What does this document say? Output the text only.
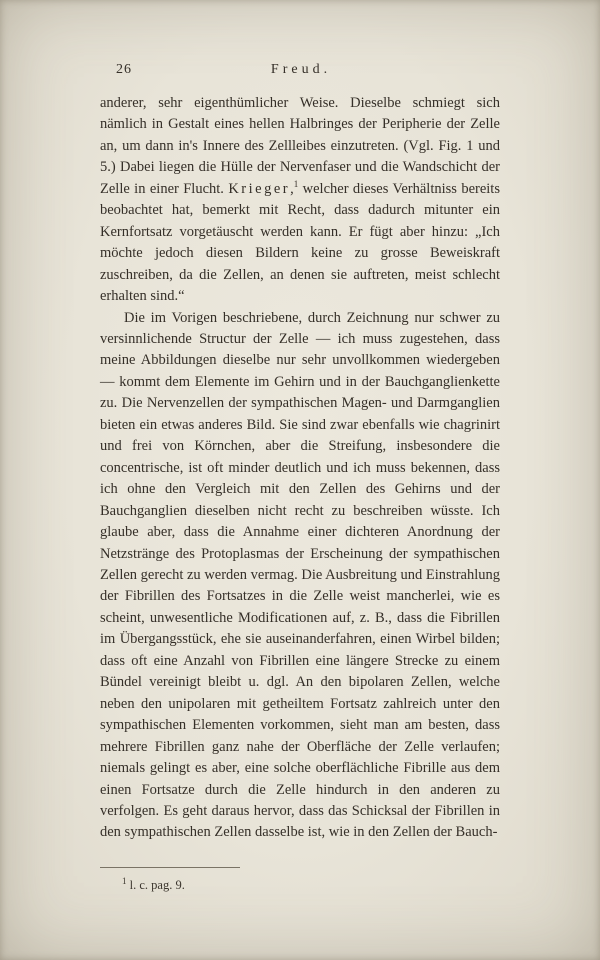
26	Freud.

anderer, sehr eigenthümlicher Weise. Dieselbe schmiegt sich nämlich in Gestalt eines hellen Halbringes der Peripherie der Zelle an, um dann in's Innere des Zellleibes einzutreten. (Vgl. Fig. 1 und 5.) Dabei liegen die Hülle der Nervenfaser und die Wandschicht der Zelle in einer Flucht. Krieger,$^1$ welcher dieses Verhältniss bereits beobachtet hat, bemerkt mit Recht, dass dadurch mitunter ein Kernfortsatz vorgetäuscht werden kann. Er fügt aber hinzu: „Ich möchte jedoch diesen Bildern keine zu grosse Beweiskraft zuschreiben, da die Zellen, an denen sie auftreten, meist schlecht erhalten sind.“

Die im Vorigen beschriebene, durch Zeichnung nur schwer zu versinnlichende Structur der Zelle — ich muss zugestehen, dass meine Abbildungen dieselbe nur sehr unvollkommen wiedergeben — kommt dem Elemente im Gehirn und in der Bauchganglienkette zu. Die Nervenzellen der sympathischen Magen- und Darmganglien bieten ein etwas anderes Bild. Sie sind zwar ebenfalls wie chagrinirt und frei von Körnchen, aber die Streifung, insbesondere die concentrische, ist oft minder deutlich und ich muss bekennen, dass ich ohne den Vergleich mit den Zellen des Gehirns und der Bauchganglien dieselben nicht recht zu beschreiben wüsste. Ich glaube aber, dass die Annahme einer dichteren Anordnung der Netzstränge des Protoplasmas der Erscheinung der sympathischen Zellen gerecht zu werden vermag. Die Ausbreitung und Einstrahlung der Fibrillen des Fortsatzes in die Zelle weist mancherlei, wie es scheint, unwesentliche Modificationen auf, z. B., dass die Fibrillen im Übergangsstück, ehe sie auseinanderfahren, einen Wirbel bilden; dass oft eine Anzahl von Fibrillen eine längere Strecke zu einem Bündel vereinigt bleibt u. dgl. An den bipolaren Zellen, welche neben den unipolaren mit getheiltem Fortsatz zahlreich unter den sympathischen Elementen vorkommen, sieht man am besten, dass mehrere Fibrillen ganz nahe der Oberfläche der Zelle verlaufen; niemals gelingt es aber, eine solche oberflächliche Fibrille aus dem einen Fortsatze durch die Zelle hindurch in den anderen zu verfolgen. Es geht daraus hervor, dass das Schicksal der Fibrillen in den sympathischen Zellen dasselbe ist, wie in den Zellen der Bauch-

$^1$ l. c. pag. 9.
